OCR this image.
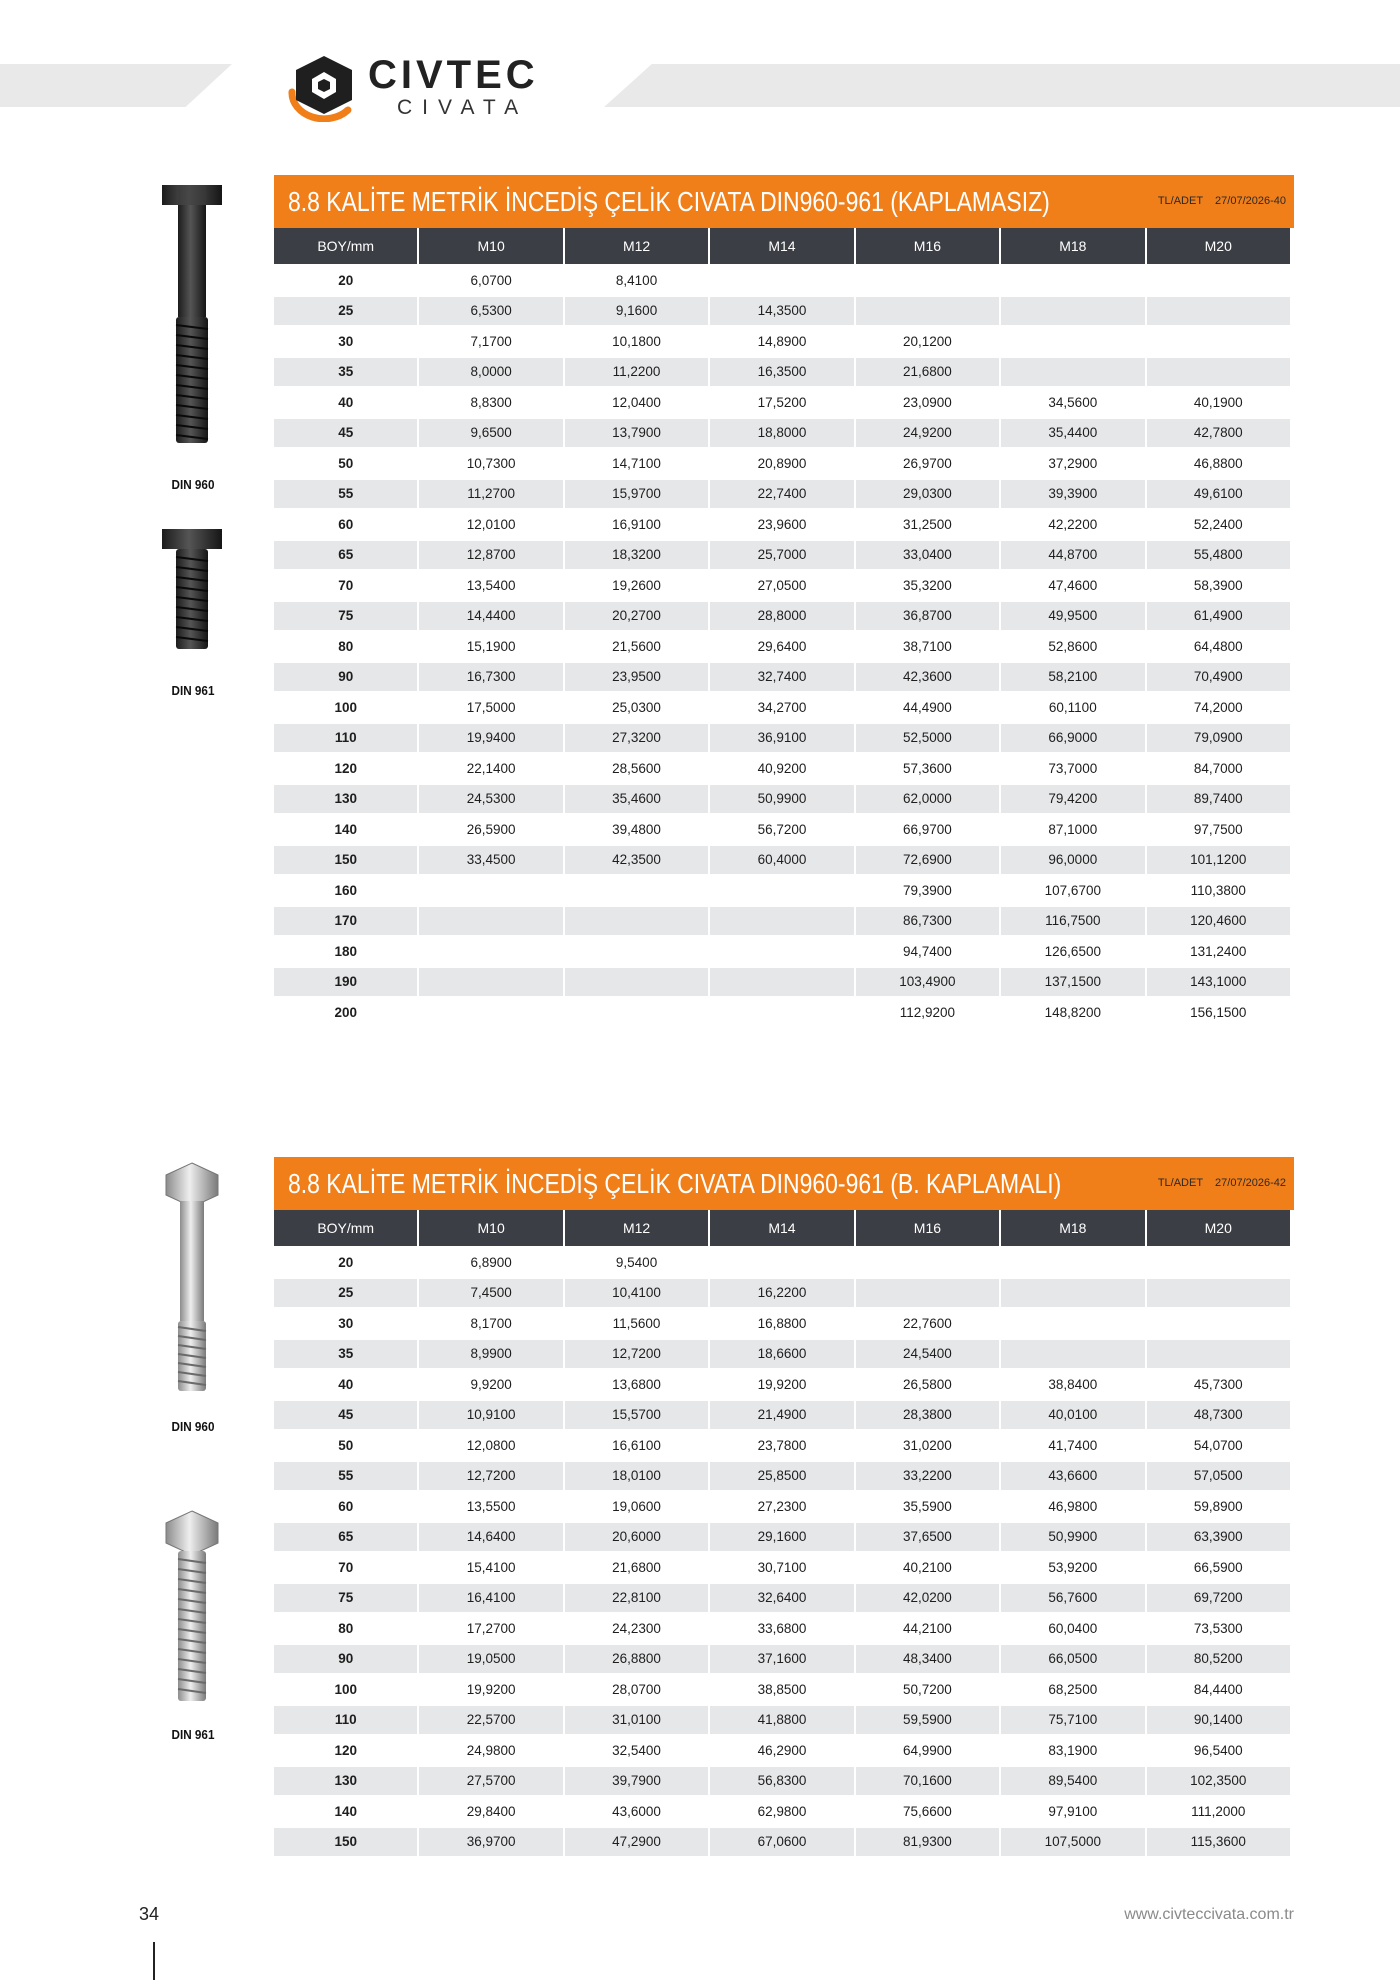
CIVTEC
CIVATA
DIN 960
DIN 961
8.8 KALİTE METRİK İNCEDİŞ ÇELİK CIVATA DIN960-961 (KAPLAMASIZ)	TL/ADET 27/07/2026-40
BOY/mm	M10	M12	M14	M16	M18	M20
20	6,0700	8,4100				
25	6,5300	9,1600	14,3500			
30	7,1700	10,1800	14,8900	20,1200		
35	8,0000	11,2200	16,3500	21,6800		
40	8,8300	12,0400	17,5200	23,0900	34,5600	40,1900
45	9,6500	13,7900	18,8000	24,9200	35,4400	42,7800
50	10,7300	14,7100	20,8900	26,9700	37,2900	46,8800
55	11,2700	15,9700	22,7400	29,0300	39,3900	49,6100
60	12,0100	16,9100	23,9600	31,2500	42,2200	52,2400
65	12,8700	18,3200	25,7000	33,0400	44,8700	55,4800
70	13,5400	19,2600	27,0500	35,3200	47,4600	58,3900
75	14,4400	20,2700	28,8000	36,8700	49,9500	61,4900
80	15,1900	21,5600	29,6400	38,7100	52,8600	64,4800
90	16,7300	23,9500	32,7400	42,3600	58,2100	70,4900
100	17,5000	25,0300	34,2700	44,4900	60,1100	74,2000
110	19,9400	27,3200	36,9100	52,5000	66,9000	79,0900
120	22,1400	28,5600	40,9200	57,3600	73,7000	84,7000
130	24,5300	35,4600	50,9900	62,0000	79,4200	89,7400
140	26,5900	39,4800	56,7200	66,9700	87,1000	97,7500
150	33,4500	42,3500	60,4000	72,6900	96,0000	101,1200
160				79,3900	107,6700	110,3800
170				86,7300	116,7500	120,4600
180				94,7400	126,6500	131,2400
190				103,4900	137,1500	143,1000
200				112,9200	148,8200	156,1500
DIN 960
DIN 961
8.8 KALİTE METRİK İNCEDİŞ ÇELİK CIVATA DIN960-961 (B. KAPLAMALI)	TL/ADET 27/07/2026-42
BOY/mm	M10	M12	M14	M16	M18	M20
20	6,8900	9,5400				
25	7,4500	10,4100	16,2200			
30	8,1700	11,5600	16,8800	22,7600		
35	8,9900	12,7200	18,6600	24,5400		
40	9,9200	13,6800	19,9200	26,5800	38,8400	45,7300
45	10,9100	15,5700	21,4900	28,3800	40,0100	48,7300
50	12,0800	16,6100	23,7800	31,0200	41,7400	54,0700
55	12,7200	18,0100	25,8500	33,2200	43,6600	57,0500
60	13,5500	19,0600	27,2300	35,5900	46,9800	59,8900
65	14,6400	20,6000	29,1600	37,6500	50,9900	63,3900
70	15,4100	21,6800	30,7100	40,2100	53,9200	66,5900
75	16,4100	22,8100	32,6400	42,0200	56,7600	69,7200
80	17,2700	24,2300	33,6800	44,2100	60,0400	73,5300
90	19,0500	26,8800	37,1600	48,3400	66,0500	80,5200
100	19,9200	28,0700	38,8500	50,7200	68,2500	84,4400
110	22,5700	31,0100	41,8800	59,5900	75,7100	90,1400
120	24,9800	32,5400	46,2900	64,9900	83,1900	96,5400
130	27,5700	39,7900	56,8300	70,1600	89,5400	102,3500
140	29,8400	43,6000	62,9800	75,6600	97,9100	111,2000
150	36,9700	47,2900	67,0600	81,9300	107,5000	115,3600
34	www.civteccivata.com.tr
